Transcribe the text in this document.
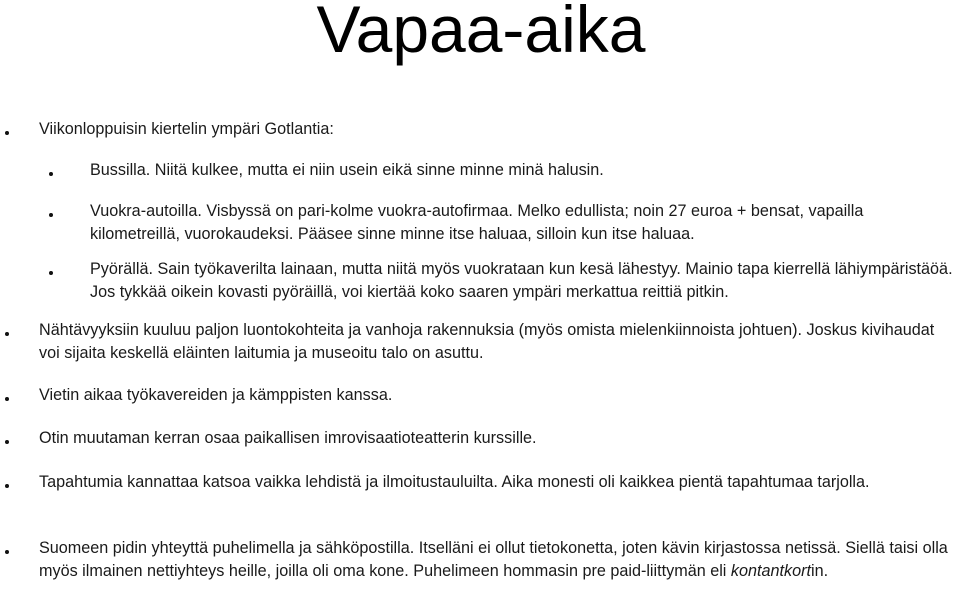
Vapaa-aika
Viikonloppuisin kiertelin ympäri Gotlantia:
Bussilla. Niitä kulkee, mutta ei niin usein eikä sinne minne minä halusin.
Vuokra-autoilla. Visbyssä on pari-kolme vuokra-autofirmaa. Melko edullista; noin 27 euroa + bensat, vapailla kilometreillä, vuorokaudeksi. Pääsee sinne minne itse haluaa, silloin kun itse haluaa.
Pyörällä. Sain työkaverilta lainaan, mutta niitä myös vuokrataan kun kesä lähestyy. Mainio tapa kierrellä lähiympäristäöä. Jos tykkää oikein kovasti pyöräillä, voi kiertää koko saaren ympäri merkattua reittiä pitkin.
Nähtävyyksiin kuuluu paljon luontokohteita ja vanhoja rakennuksia (myös omista mielenkiinnoista johtuen). Joskus kivihaudat voi sijaita keskellä eläinten laitumia ja museoitu talo on asuttu.
Vietin aikaa työkavereiden ja kämppisten kanssa.
Otin muutaman kerran osaa paikallisen imrovisaatioteatterin kurssille.
Tapahtumia kannattaa katsoa vaikka lehdistä ja ilmoitustauluilta. Aika monesti oli kaikkea pientä tapahtumaa tarjolla.
Suomeen pidin yhteyttä puhelimella ja sähköpostilla. Itselläni ei ollut tietokonetta, joten kävin kirjastossa netissä. Siellä taisi olla myös ilmainen nettiyhteys heille, joilla oli oma kone. Puhelimeen hommasin pre paid-liittymän eli kontantkortin.
